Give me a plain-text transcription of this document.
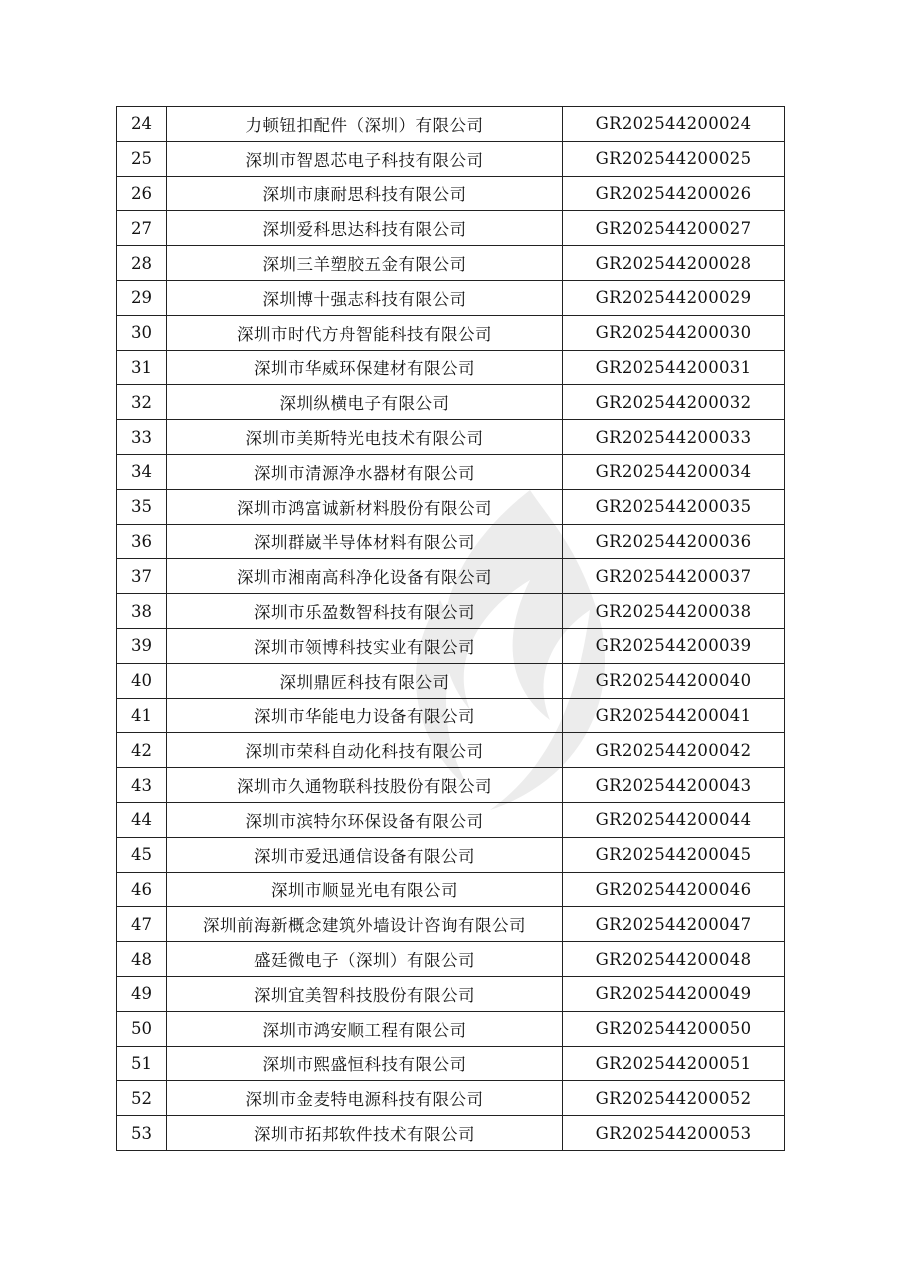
24	力顿钮扣配件（深圳）有限公司	GR202544200024
25	深圳市智恩芯电子科技有限公司	GR202544200025
26	深圳市康耐思科技有限公司	GR202544200026
27	深圳爱科思达科技有限公司	GR202544200027
28	深圳三羊塑胶五金有限公司	GR202544200028
29	深圳博十强志科技有限公司	GR202544200029
30	深圳市时代方舟智能科技有限公司	GR202544200030
31	深圳市华威环保建材有限公司	GR202544200031
32	深圳纵横电子有限公司	GR202544200032
33	深圳市美斯特光电技术有限公司	GR202544200033
34	深圳市清源净水器材有限公司	GR202544200034
35	深圳市鸿富诚新材料股份有限公司	GR202544200035
36	深圳群崴半导体材料有限公司	GR202544200036
37	深圳市湘南高科净化设备有限公司	GR202544200037
38	深圳市乐盈数智科技有限公司	GR202544200038
39	深圳市领博科技实业有限公司	GR202544200039
40	深圳鼎匠科技有限公司	GR202544200040
41	深圳市华能电力设备有限公司	GR202544200041
42	深圳市荣科自动化科技有限公司	GR202544200042
43	深圳市久通物联科技股份有限公司	GR202544200043
44	深圳市滨特尔环保设备有限公司	GR202544200044
45	深圳市爱迅通信设备有限公司	GR202544200045
46	深圳市顺显光电有限公司	GR202544200046
47	深圳前海新概念建筑外墙设计咨询有限公司	GR202544200047
48	盛廷微电子（深圳）有限公司	GR202544200048
49	深圳宜美智科技股份有限公司	GR202544200049
50	深圳市鸿安顺工程有限公司	GR202544200050
51	深圳市熙盛恒科技有限公司	GR202544200051
52	深圳市金麦特电源科技有限公司	GR202544200052
53	深圳市拓邦软件技术有限公司	GR202544200053
